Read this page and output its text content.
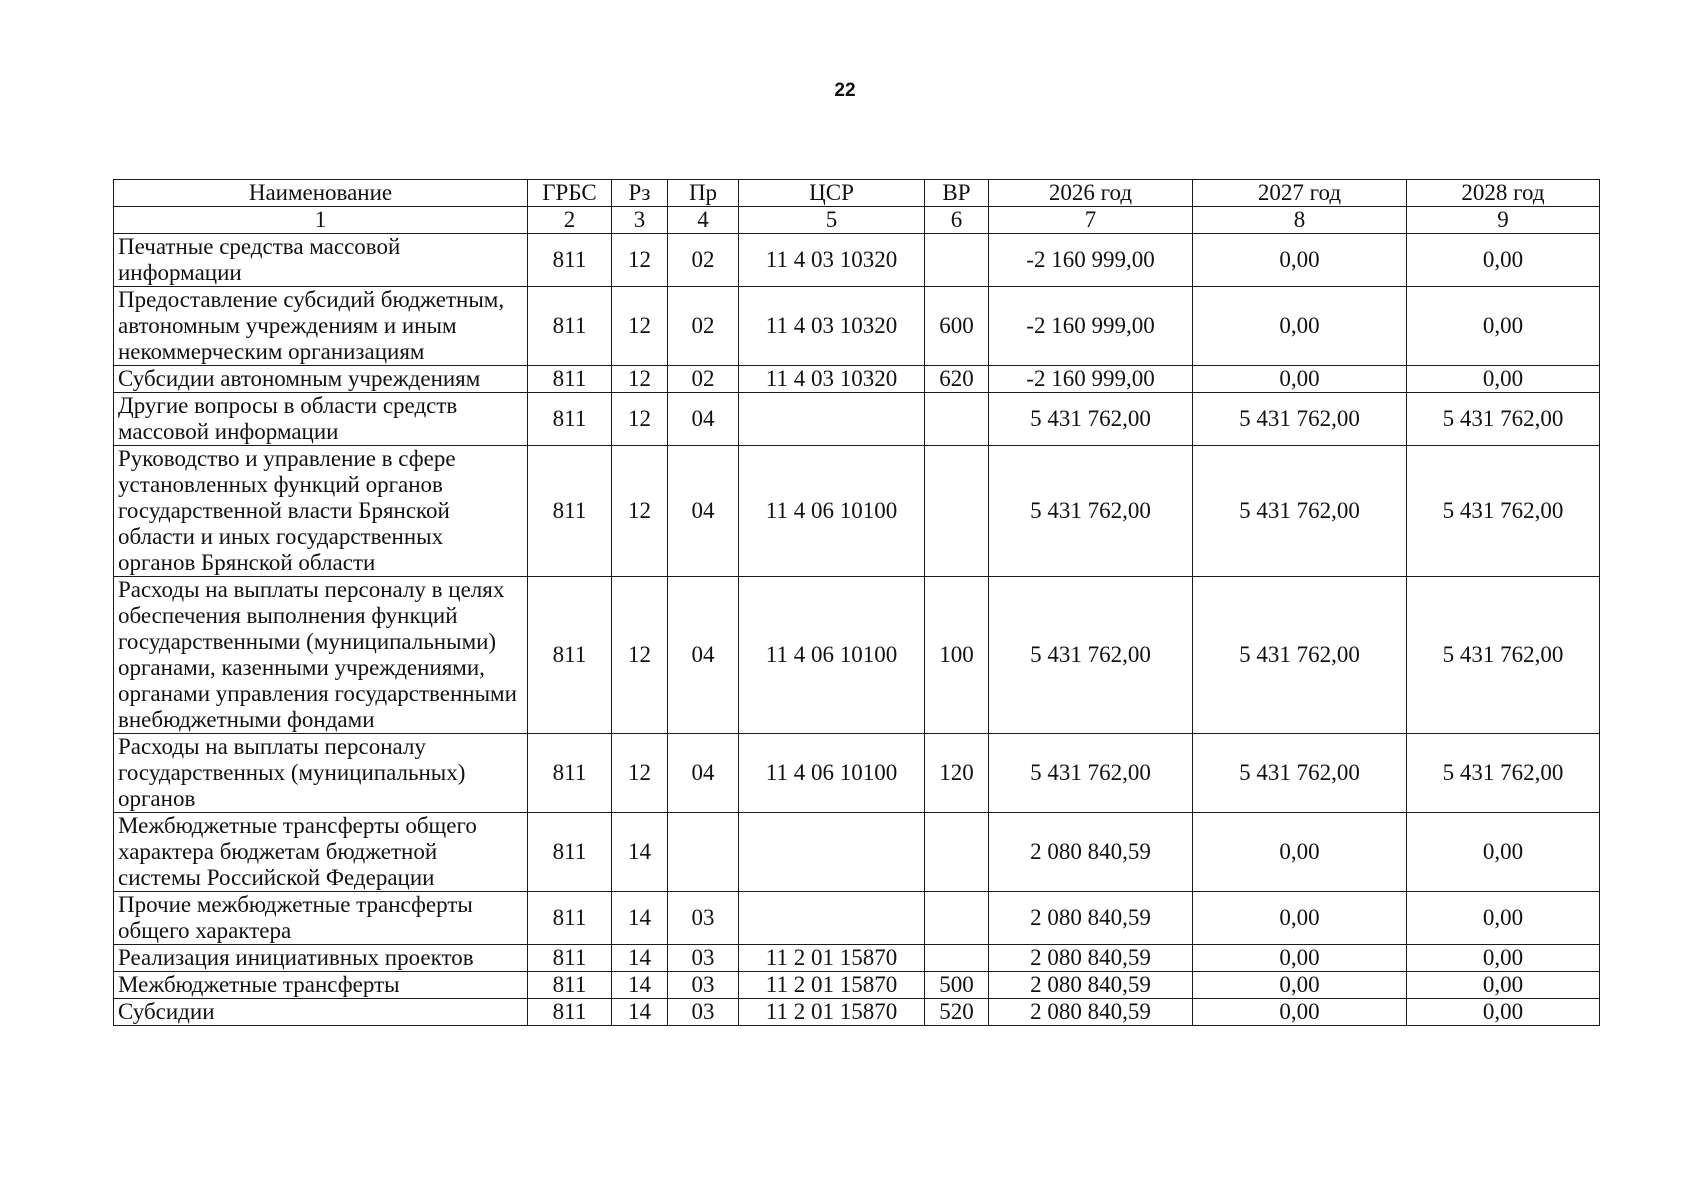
22
Наименование	ГРБС	Рз	Пр	ЦСР	ВР	2026 год	2027 год	2028 год
1	2	3	4	5	6	7	8	9
Печатные средства массовой информации	811	12	02	11 4 03 10320		-2 160 999,00	0,00	0,00
Предоставление субсидий бюджетным, автономным учреждениям и иным некоммерческим организациям	811	12	02	11 4 03 10320	600	-2 160 999,00	0,00	0,00
Субсидии автономным учреждениям	811	12	02	11 4 03 10320	620	-2 160 999,00	0,00	0,00
Другие вопросы в области средств массовой информации	811	12	04			5 431 762,00	5 431 762,00	5 431 762,00
Руководство и управление в сфере установленных функций органов государственной власти Брянской области и иных государственных органов Брянской области	811	12	04	11 4 06 10100		5 431 762,00	5 431 762,00	5 431 762,00
Расходы на выплаты персоналу в целях обеспечения выполнения функций государственными (муниципальными) органами, казенными учреждениями, органами управления государственными внебюджетными фондами	811	12	04	11 4 06 10100	100	5 431 762,00	5 431 762,00	5 431 762,00
Расходы на выплаты персоналу государственных (муниципальных) органов	811	12	04	11 4 06 10100	120	5 431 762,00	5 431 762,00	5 431 762,00
Межбюджетные трансферты общего характера бюджетам бюджетной системы Российской Федерации	811	14				2 080 840,59	0,00	0,00
Прочие межбюджетные трансферты общего характера	811	14	03			2 080 840,59	0,00	0,00
Реализация инициативных проектов	811	14	03	11 2 01 15870		2 080 840,59	0,00	0,00
Межбюджетные трансферты	811	14	03	11 2 01 15870	500	2 080 840,59	0,00	0,00
Субсидии	811	14	03	11 2 01 15870	520	2 080 840,59	0,00	0,00
